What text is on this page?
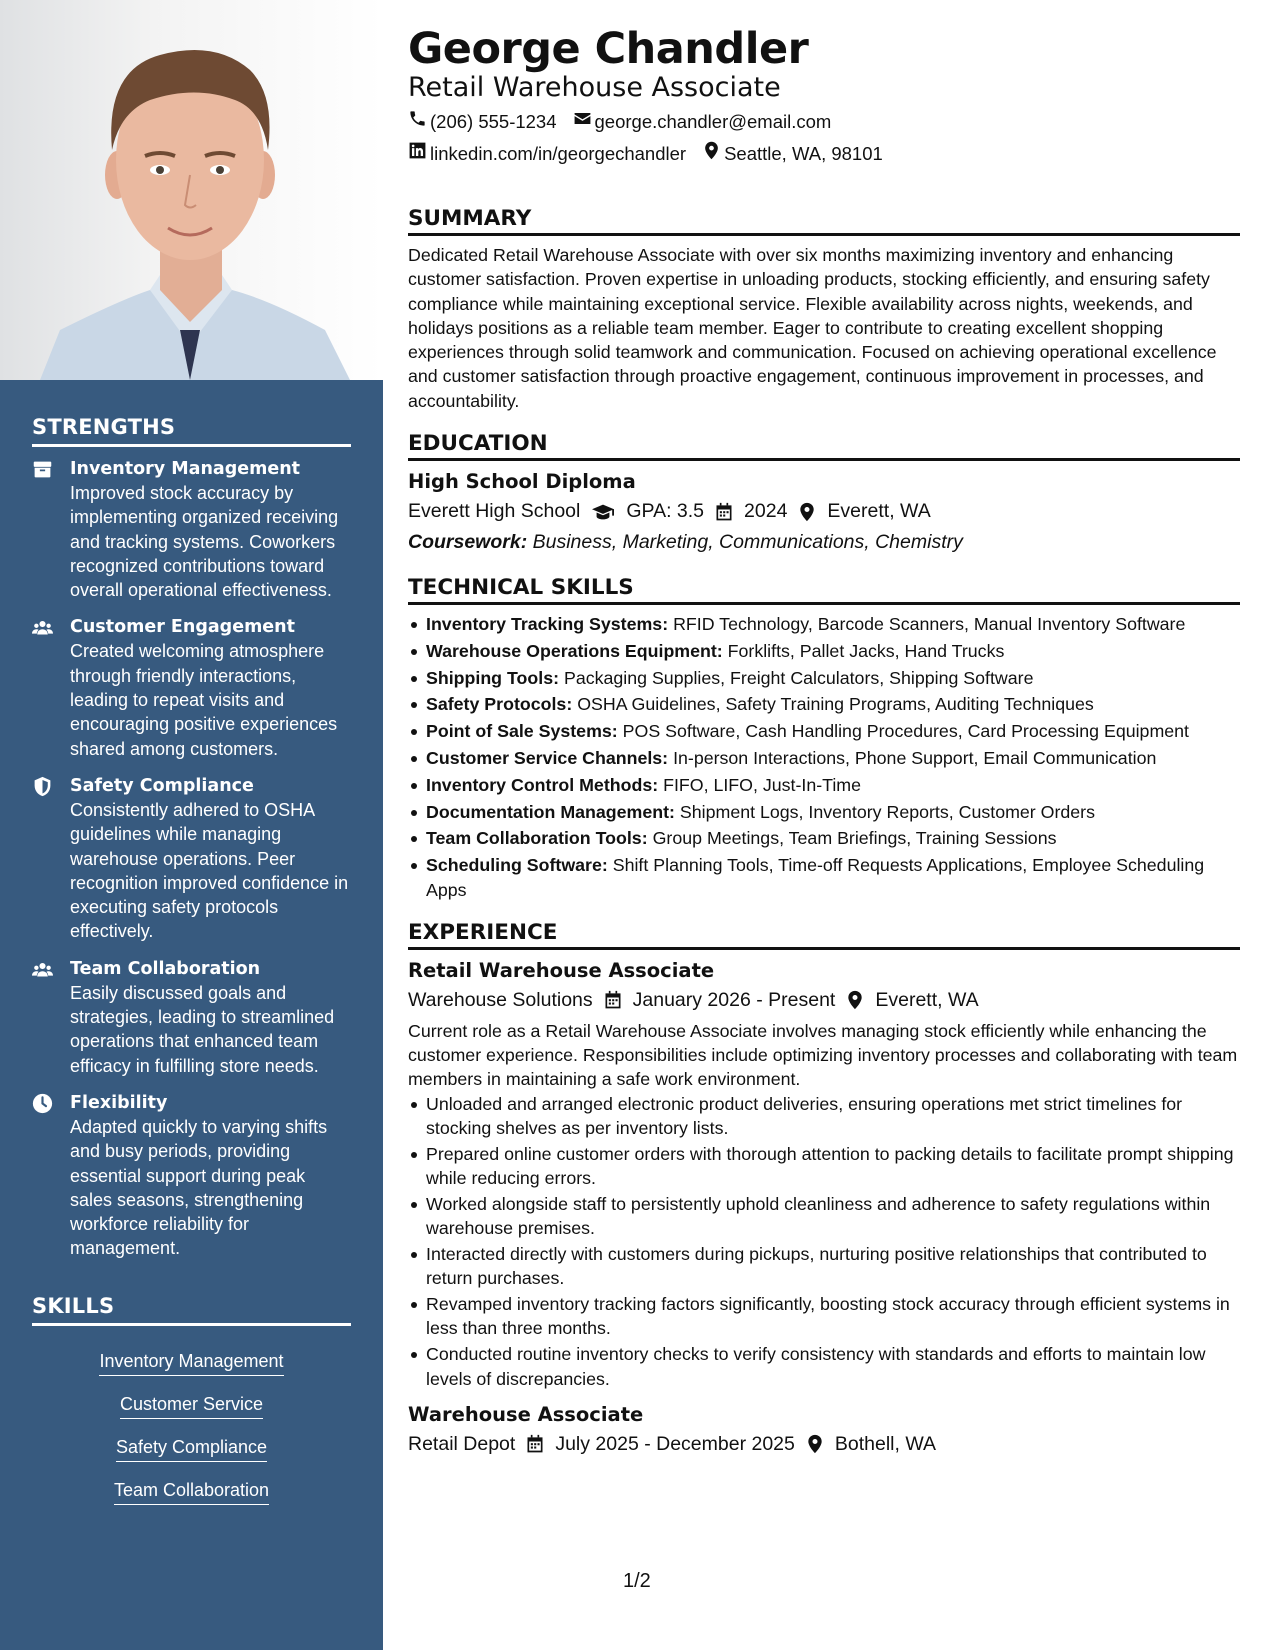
STRENGTHS
Inventory Management
Improved stock accuracy by implementing organized receiving and tracking systems. Coworkers recognized contributions toward overall operational effectiveness.
Customer Engagement
Created welcoming atmosphere through friendly interactions, leading to repeat visits and encouraging positive experiences shared among customers.
Safety Compliance
Consistently adhered to OSHA guidelines while managing warehouse operations. Peer recognition improved confidence in executing safety protocols effectively.
Team Collaboration
Easily discussed goals and strategies, leading to streamlined operations that enhanced team efficacy in fulfilling store needs.
Flexibility
Adapted quickly to varying shifts and busy periods, providing essential support during peak sales seasons, strengthening workforce reliability for management.
SKILLS
Inventory Management
Customer Service
Safety Compliance
Team Collaboration
George Chandler
Retail Warehouse Associate
(206) 555-1234 george.chandler@email.com
linkedin.com/in/georgechandler Seattle, WA, 98101
SUMMARY
Dedicated Retail Warehouse Associate with over six months maximizing inventory and enhancing customer satisfaction. Proven expertise in unloading products, stocking efficiently, and ensuring safety compliance while maintaining exceptional service. Flexible availability across nights, weekends, and holidays positions as a reliable team member. Eager to contribute to creating excellent shopping experiences through solid teamwork and communication. Focused on achieving operational excellence and customer satisfaction through proactive engagement, continuous improvement in processes, and accountability.
EDUCATION
High School Diploma
Everett High School GPA: 3.5 2024 Everett, WA
Coursework: Business, Marketing, Communications, Chemistry
TECHNICAL SKILLS
Inventory Tracking Systems: RFID Technology, Barcode Scanners, Manual Inventory Software
Warehouse Operations Equipment: Forklifts, Pallet Jacks, Hand Trucks
Shipping Tools: Packaging Supplies, Freight Calculators, Shipping Software
Safety Protocols: OSHA Guidelines, Safety Training Programs, Auditing Techniques
Point of Sale Systems: POS Software, Cash Handling Procedures, Card Processing Equipment
Customer Service Channels: In-person Interactions, Phone Support, Email Communication
Inventory Control Methods: FIFO, LIFO, Just-In-Time
Documentation Management: Shipment Logs, Inventory Reports, Customer Orders
Team Collaboration Tools: Group Meetings, Team Briefings, Training Sessions
Scheduling Software: Shift Planning Tools, Time-off Requests Applications, Employee Scheduling Apps
EXPERIENCE
Retail Warehouse Associate
Warehouse Solutions January 2026 - Present Everett, WA
Current role as a Retail Warehouse Associate involves managing stock efficiently while enhancing the customer experience. Responsibilities include optimizing inventory processes and collaborating with team members in maintaining a safe work environment.
Unloaded and arranged electronic product deliveries, ensuring operations met strict timelines for stocking shelves as per inventory lists.
Prepared online customer orders with thorough attention to packing details to facilitate prompt shipping while reducing errors.
Worked alongside staff to persistently uphold cleanliness and adherence to safety regulations within warehouse premises.
Interacted directly with customers during pickups, nurturing positive relationships that contributed to return purchases.
Revamped inventory tracking factors significantly, boosting stock accuracy through efficient systems in less than three months.
Conducted routine inventory checks to verify consistency with standards and efforts to maintain low levels of discrepancies.
Warehouse Associate
Retail Depot July 2025 - December 2025 Bothell, WA
1/2
